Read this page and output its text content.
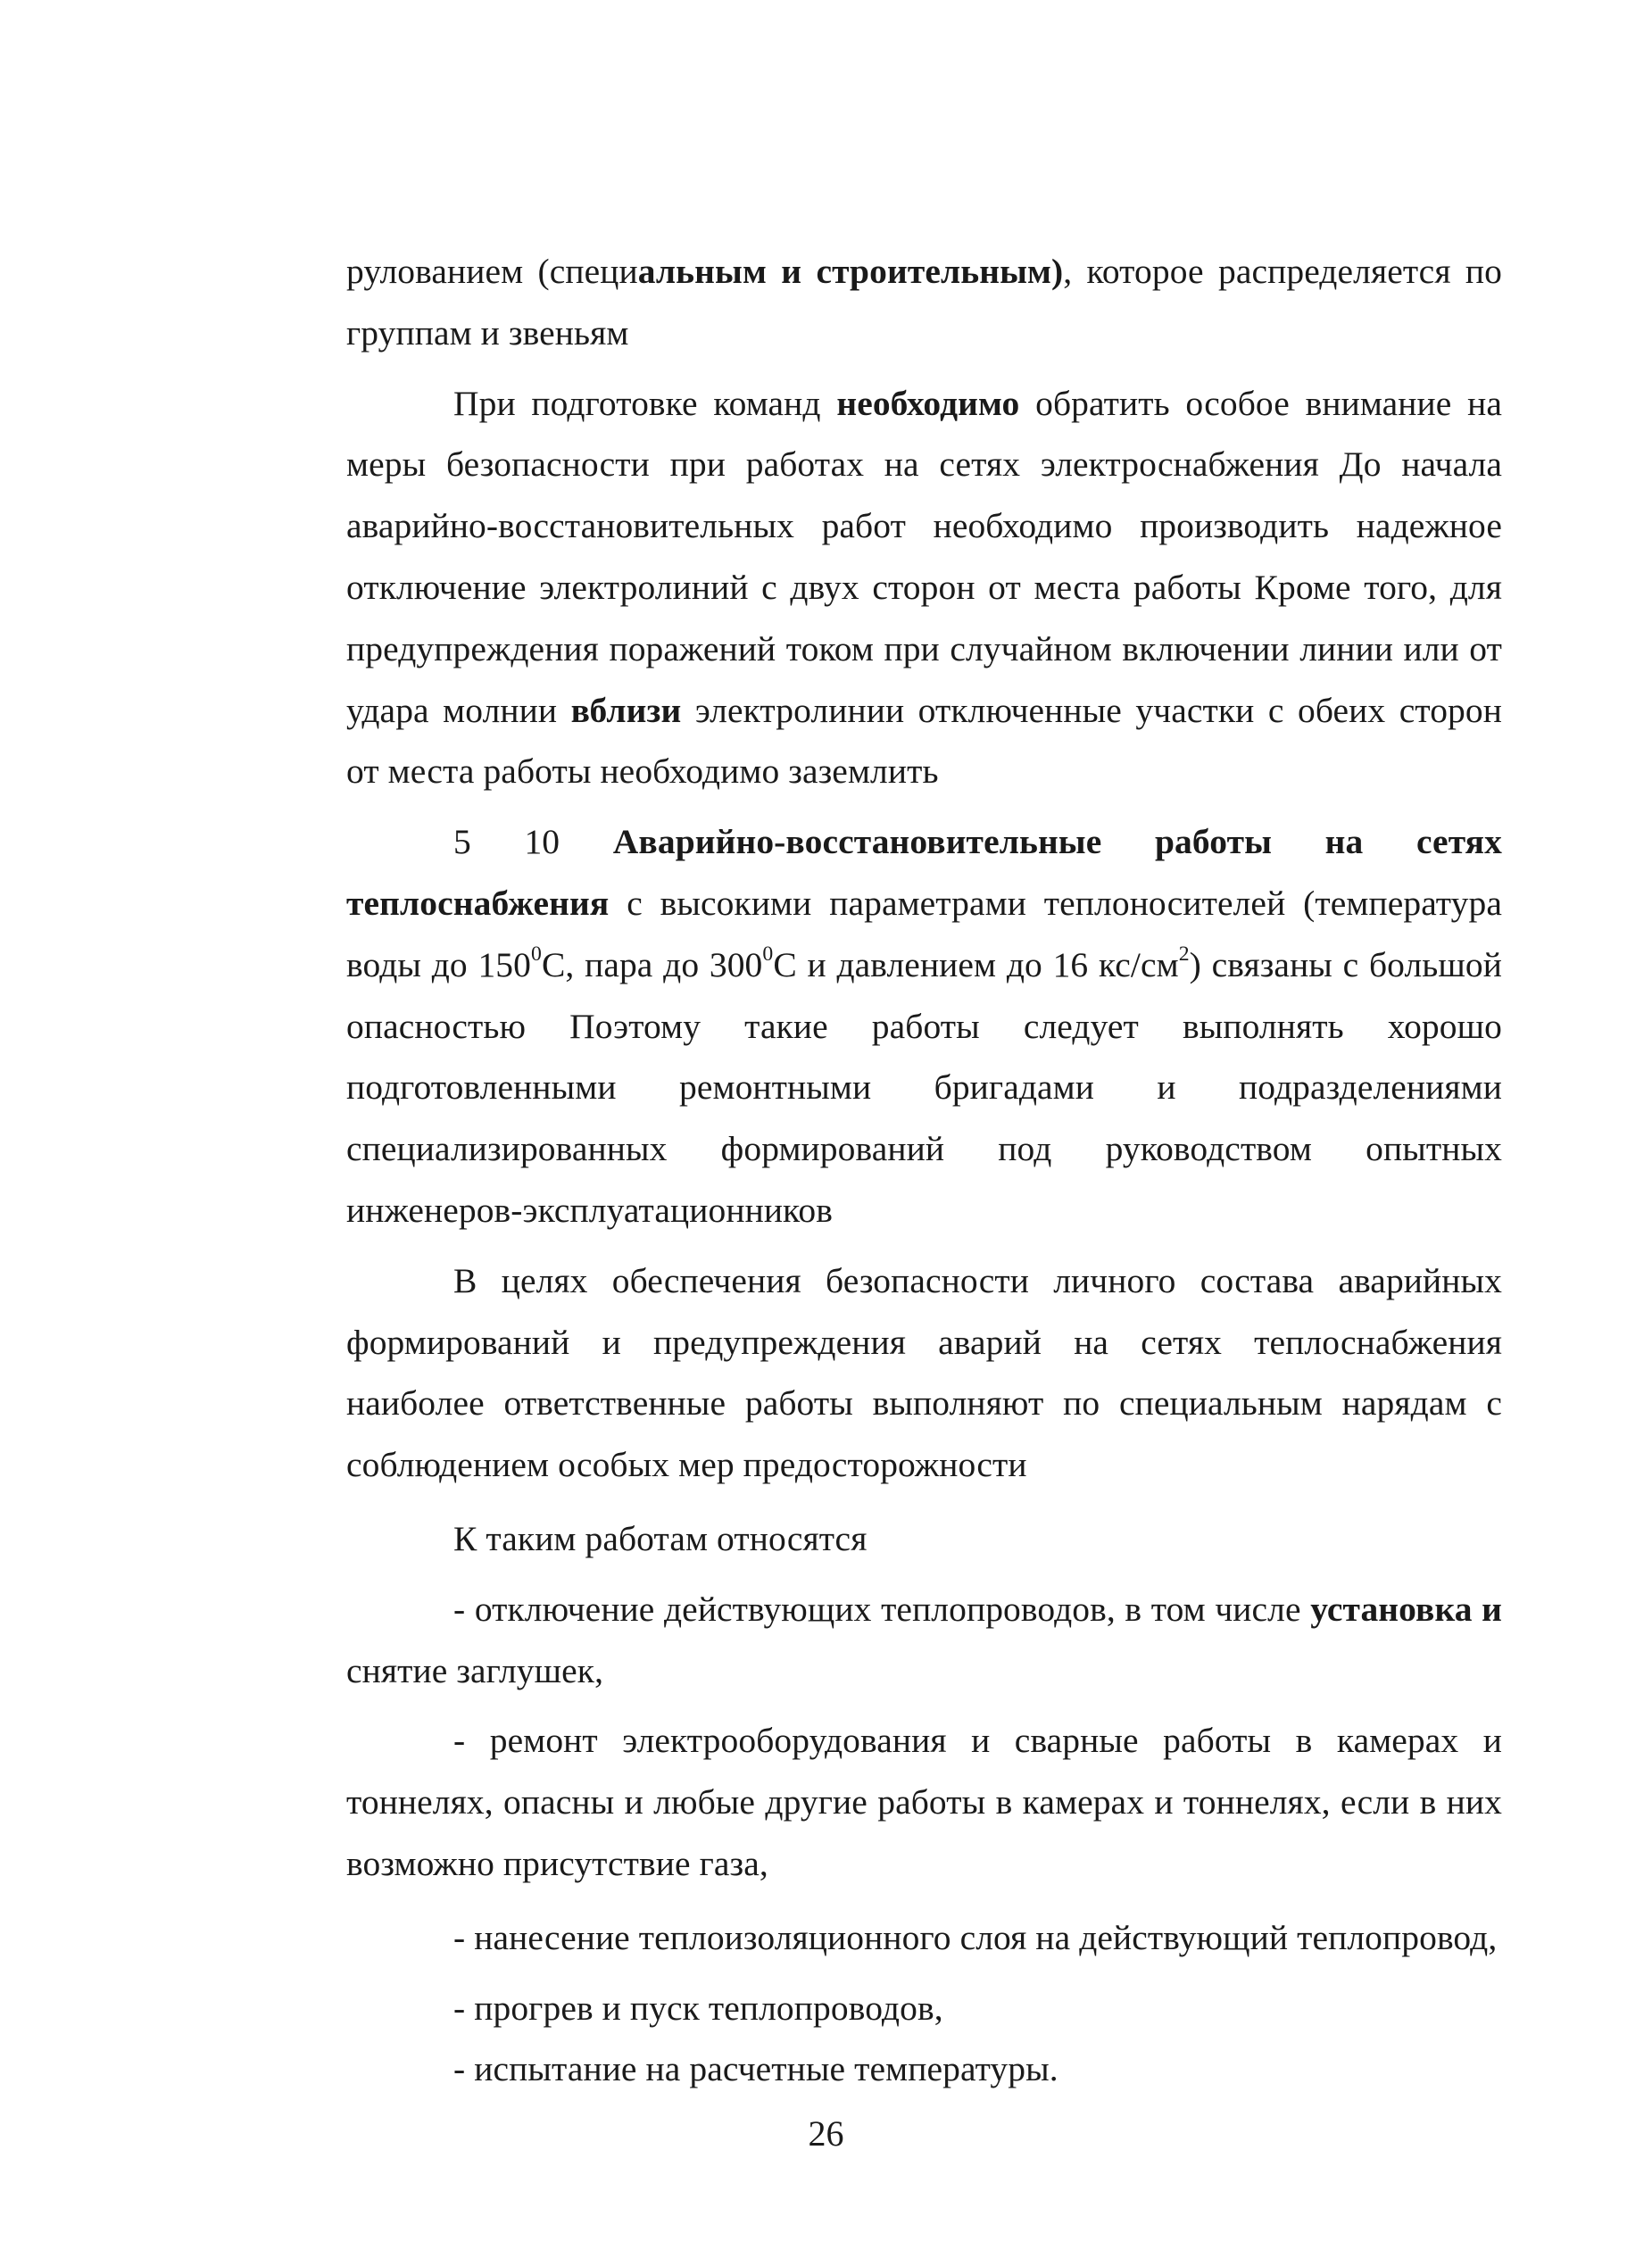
рулованием (специальным и строительным), которое распределяется по группам и звеньям

При подготовке команд необходимо обратить особое внимание на меры безопасности при работах на сетях электроснабжения До начала аварийно-восстановительных работ необходимо производить надежное отключение электролиний с двух сторон от места работы Кроме того, для предупреждения поражений током при случайном включении линии или от удара молнии вблизи электролинии отключенные участки с обеих сторон от места работы необходимо заземлить

5 10 Аварийно-восстановительные работы на сетях теплоснабжения с высокими параметрами теплоносителей (температура воды до $150^0С$, пара до $300^0С$ и давлением до 16 $кс/см^2$) связаны с большой опасностью Поэтому такие работы следует выполнять хорошо подготовленными ремонтными бригадами и подразделениями специализированных формирований под руководством опытных инженеров-эксплуатационников

В целях обеспечения безопасности личного состава аварийных формирований и предупреждения аварий на сетях теплоснабжения наиболее ответственные работы выполняют по специальным нарядам с соблюдением особых мер предосторожности

К таким работам относятся

- отключение действующих теплопроводов, в том числе установка и снятие заглушек,

- ремонт электрооборудования и сварные работы в камерах и тоннелях, опасны и любые другие работы в камерах и тоннелях, если в них возможно присутствие газа,

- нанесение теплоизоляционного слоя на действующий теплопровод,

- прогрев и пуск теплопроводов,

- испытание на расчетные температуры.

26
